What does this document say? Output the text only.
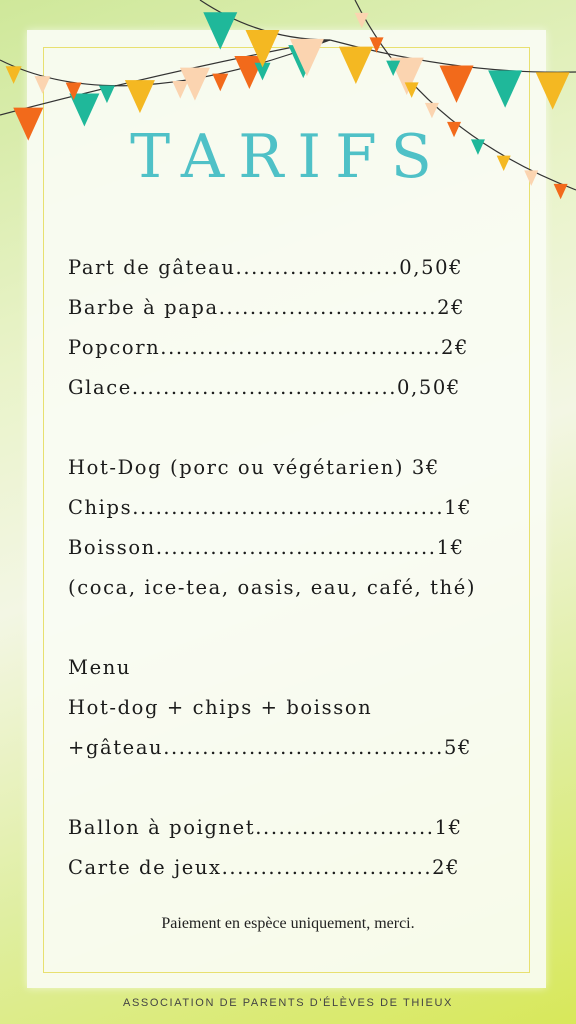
TARIFS
Part de gâteau.....................0,50€
Barbe à papa............................2€
Popcorn....................................2€
Glace..................................0,50€
Hot-Dog (porc ou végétarien) 3€
Chips........................................1€
Boisson....................................1€
(coca, ice-tea, oasis, eau, café, thé)
Menu
Hot-dog + chips + boisson
+gâteau....................................5€
Ballon à poignet.......................1€
Carte de jeux...........................2€
Paiement en espèce uniquement, merci.
ASSOCIATION DE PARENTS D'ÉLÈVES DE THIEUX
